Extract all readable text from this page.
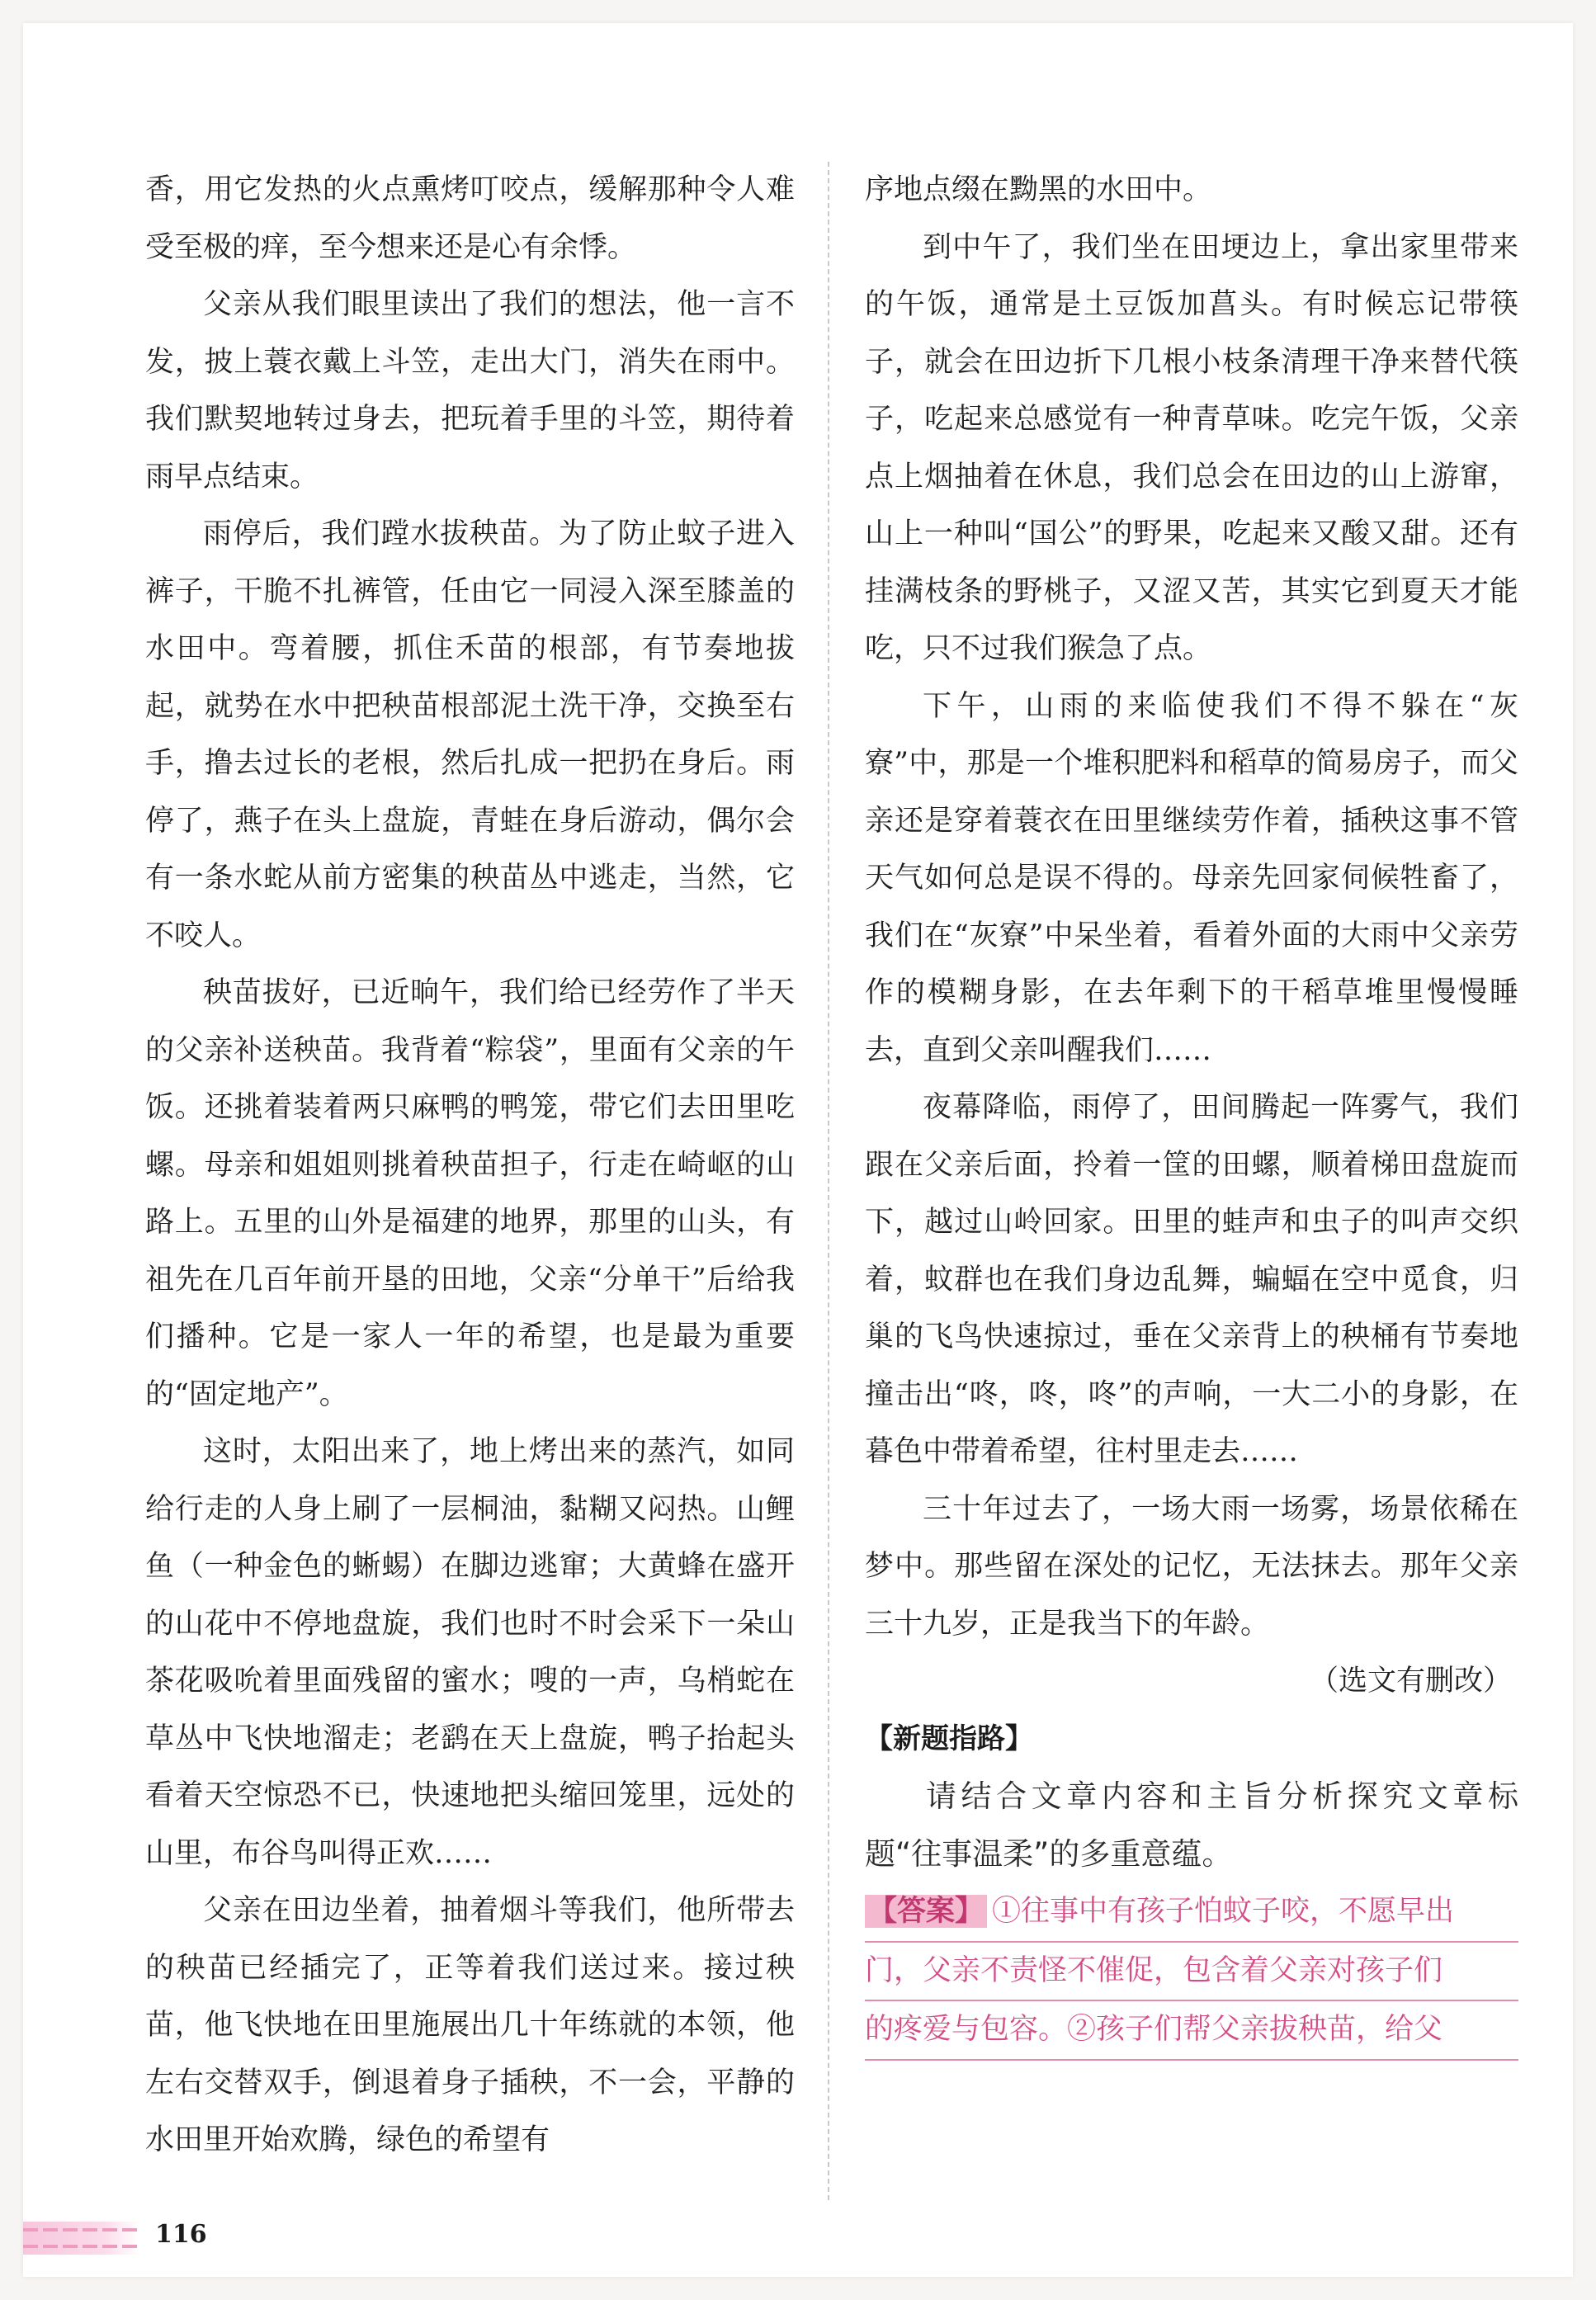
香，用它发热的火点熏烤叮咬点，缓解那种令人难受至极的痒，至今想来还是心有余悸。

父亲从我们眼里读出了我们的想法，他一言不发，披上蓑衣戴上斗笠，走出大门，消失在雨中。我们默契地转过身去，把玩着手里的斗笠，期待着雨早点结束。

雨停后，我们蹚水拔秧苗。为了防止蚊子进入裤子，干脆不扎裤管，任由它一同浸入深至膝盖的水田中。弯着腰，抓住禾苗的根部，有节奏地拔起，就势在水中把秧苗根部泥土洗干净，交换至右手，撸去过长的老根，然后扎成一把扔在身后。雨停了，燕子在头上盘旋，青蛙在身后游动，偶尔会有一条水蛇从前方密集的秧苗丛中逃走，当然，它不咬人。

秧苗拔好，已近晌午，我们给已经劳作了半天的父亲补送秧苗。我背着“粽袋”，里面有父亲的午饭。还挑着装着两只麻鸭的鸭笼，带它们去田里吃螺。母亲和姐姐则挑着秧苗担子，行走在崎岖的山路上。五里的山外是福建的地界，那里的山头，有祖先在几百年前开垦的田地，父亲“分单干”后给我们播种。它是一家人一年的希望，也是最为重要的“固定地产”。

这时，太阳出来了，地上烤出来的蒸汽，如同给行走的人身上刷了一层桐油，黏糊又闷热。山鲤鱼（一种金色的蜥蜴）在脚边逃窜；大黄蜂在盛开的山花中不停地盘旋，我们也时不时会采下一朵山茶花吸吮着里面残留的蜜水；嗖的一声，乌梢蛇在草丛中飞快地溜走；老鹞在天上盘旋，鸭子抬起头看着天空惊恐不已，快速地把头缩回笼里，远处的山里，布谷鸟叫得正欢……

父亲在田边坐着，抽着烟斗等我们，他所带去的秧苗已经插完了，正等着我们送过来。接过秧苗，他飞快地在田里施展出几十年练就的本领，他左右交替双手，倒退着身子插秧，不一会，平静的水田里开始欢腾，绿色的希望有

序地点缀在黝黑的水田中。

到中午了，我们坐在田埂边上，拿出家里带来的午饭，通常是土豆饭加菖头。有时候忘记带筷子，就会在田边折下几根小枝条清理干净来替代筷子，吃起来总感觉有一种青草味。吃完午饭，父亲点上烟抽着在休息，我们总会在田边的山上游窜，山上一种叫“国公”的野果，吃起来又酸又甜。还有挂满枝条的野桃子，又涩又苦，其实它到夏天才能吃，只不过我们猴急了点。

下午，山雨的来临使我们不得不躲在“灰寮”中，那是一个堆积肥料和稻草的简易房子，而父亲还是穿着蓑衣在田里继续劳作着，插秧这事不管天气如何总是误不得的。母亲先回家伺候牲畜了，我们在“灰寮”中呆坐着，看着外面的大雨中父亲劳作的模糊身影，在去年剩下的干稻草堆里慢慢睡去，直到父亲叫醒我们……

夜幕降临，雨停了，田间腾起一阵雾气，我们跟在父亲后面，拎着一筐的田螺，顺着梯田盘旋而下，越过山岭回家。田里的蛙声和虫子的叫声交织着，蚊群也在我们身边乱舞，蝙蝠在空中觅食，归巢的飞鸟快速掠过，垂在父亲背上的秧桶有节奏地撞击出“咚，咚，咚”的声响，一大二小的身影，在暮色中带着希望，往村里走去……

三十年过去了，一场大雨一场雾，场景依稀在梦中。那些留在深处的记忆，无法抹去。那年父亲三十九岁，正是我当下的年龄。

（选文有删改）

【新题指路】

请结合文章内容和主旨分析探究文章标题“往事温柔”的多重意蕴。

【答案】 ①往事中有孩子怕蚊子咬，不愿早出
门，父亲不责怪不催促，包含着父亲对孩子们
的疼爱与包容。②孩子们帮父亲拔秧苗，给父
116
